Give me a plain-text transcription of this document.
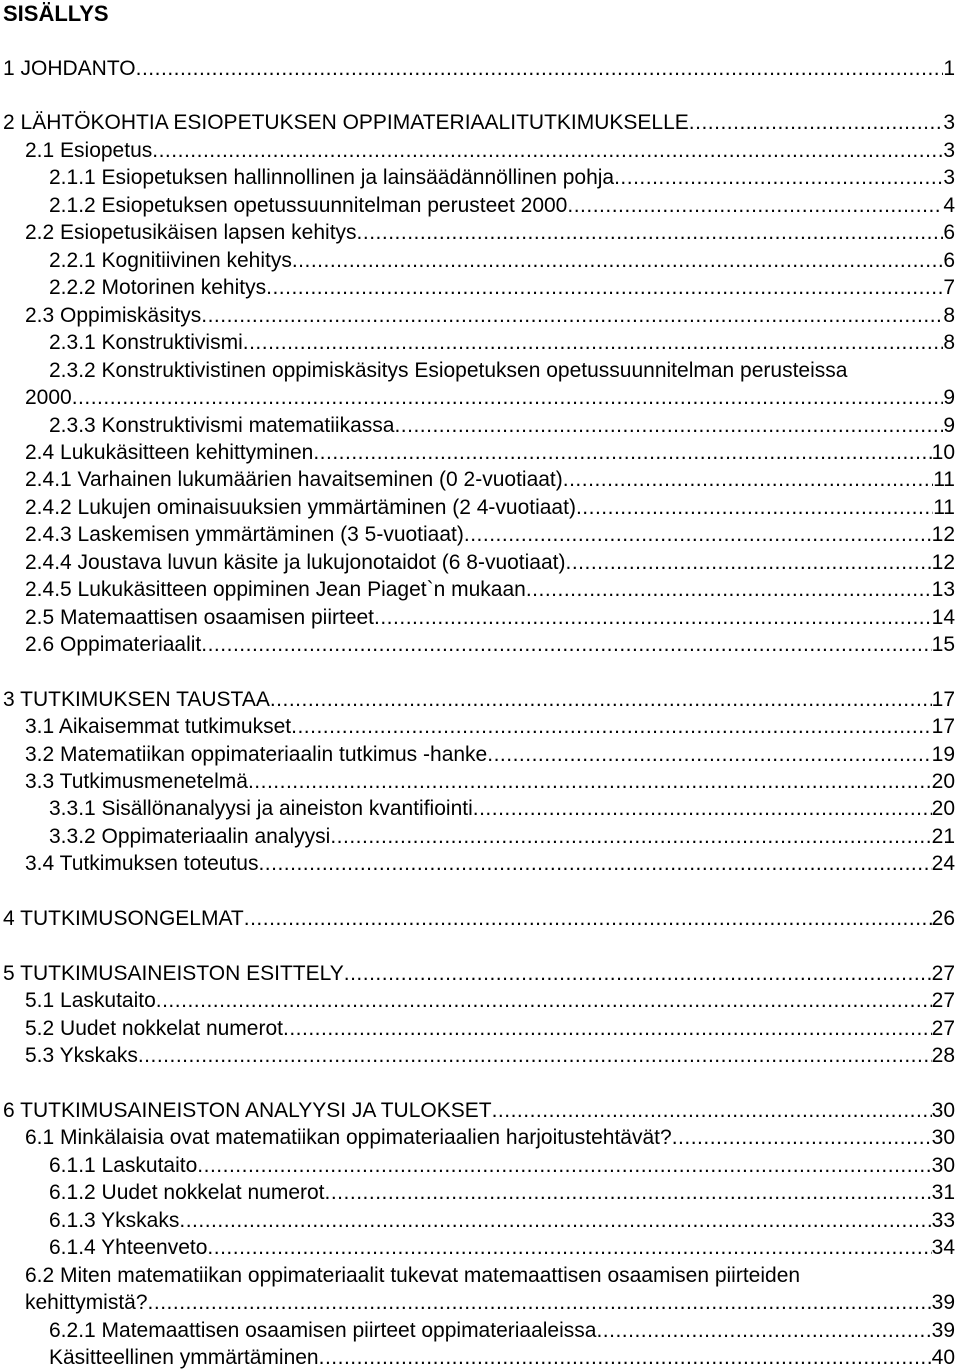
SISÄLLYS
1 JOHDANTO .....	1
2 LÄHTÖKOHTIA ESIOPETUKSEN OPPIMATERIAALITUTKIMUKSELLE .....	3
2.1 Esiopetus .....	3
2.1.1 Esiopetuksen hallinnollinen ja lainsäädännöllinen pohja .....	3
2.1.2 Esiopetuksen opetussuunnitelman perusteet 2000 .....	4
2.2 Esiopetusikäisen lapsen kehitys .....	6
2.2.1 Kognitiivinen kehitys .....	6
2.2.2 Motorinen kehitys .....	7
2.3 Oppimiskäsitys .....	8
2.3.1 Konstruktivismi .....	8
2.3.2 Konstruktivistinen oppimiskäsitys Esiopetuksen opetussuunnitelman perusteissa
2000 .....	9
2.3.3 Konstruktivismi matematiikassa .....	9
2.4 Lukukäsitteen kehittyminen .....	10
2.4.1 Varhainen lukumäärien havaitseminen (0 2-vuotiaat) .....	11
2.4.2 Lukujen ominaisuuksien ymmärtäminen (2 4-vuotiaat) .....	11
2.4.3 Laskemisen ymmärtäminen (3 5-vuotiaat) .....	12
2.4.4 Joustava luvun käsite ja lukujonotaidot (6 8-vuotiaat) .....	12
2.4.5 Lukukäsitteen oppiminen Jean Piaget`n mukaan .....	13
2.5 Matemaattisen osaamisen piirteet .....	14
2.6 Oppimateriaalit .....	15
3 TUTKIMUKSEN TAUSTAA .....	17
3.1 Aikaisemmat tutkimukset .....	17
3.2 Matematiikan oppimateriaalin tutkimus -hanke .....	19
3.3 Tutkimusmenetelmä .....	20
3.3.1 Sisällönanalyysi ja aineiston kvantifiointi .....	20
3.3.2 Oppimateriaalin analyysi .....	21
3.4 Tutkimuksen toteutus .....	24
4 TUTKIMUSONGELMAT .....	26
5 TUTKIMUSAINEISTON ESITTELY .....	27
5.1 Laskutaito .....	27
5.2 Uudet nokkelat numerot .....	27
5.3 Ykskaks .....	28
6 TUTKIMUSAINEISTON ANALYYSI JA TULOKSET .....	30
6.1 Minkälaisia ovat matematiikan oppimateriaalien harjoitustehtävät? .....	30
6.1.1 Laskutaito .....	30
6.1.2 Uudet nokkelat numerot .....	31
6.1.3 Ykskaks .....	33
6.1.4 Yhteenveto .....	34
6.2 Miten matematiikan oppimateriaalit tukevat matemaattisen osaamisen piirteiden
kehittymistä? .....	39
6.2.1 Matemaattisen osaamisen piirteet oppimateriaaleissa .....	39
Käsitteellinen ymmärtäminen .....	40
